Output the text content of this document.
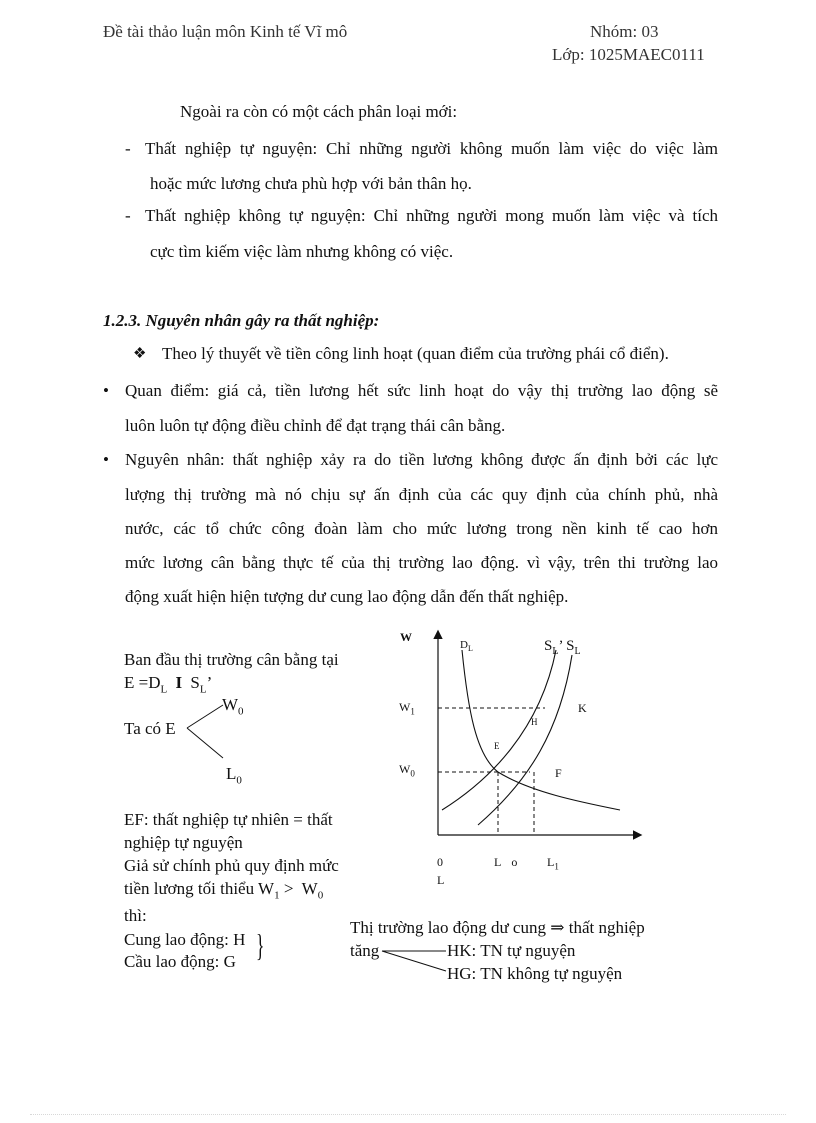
Đề tài thảo luận môn Kinh tế Vĩ mô	Nhóm: 03
Lớp: 1025MAEC0111
Ngoài ra còn có một cách phân loại mới:
- Thất nghiệp tự nguyện: Chỉ những người không muốn làm việc do việc làm
hoặc mức lương chưa phù hợp với bản thân họ.
- Thất nghiệp không tự nguyện: Chỉ những người mong muốn làm việc và tích
cực tìm kiếm việc làm nhưng không có việc.
1.2.3. Nguyên nhân gây ra thất nghiệp:
❖ Theo lý thuyết về tiền công linh hoạt (quan điểm của trường phái cổ điển).
• Quan điểm: giá cả, tiền lương hết sức linh hoạt do vậy thị trường lao động sẽ
luôn luôn tự động điều chỉnh để đạt trạng thái cân bằng.
• Nguyên nhân: thất nghiệp xảy ra do tiền lương không được ấn định bởi các lực
lượng thị trường mà nó chịu sự ấn định của các quy định của chính phủ, nhà
nước, các tổ chức công đoàn làm cho mức lương trong nền kinh tế cao hơn
mức lương cân bằng thực tế của thị trường lao động. vì vậy, trên thi trường lao
động xuất hiện hiện tượng dư cung lao động dẫn đến thất nghiệp.
Ban đầu thị trường cân bằng tại
$E =D_L$ I $S_L$’
Ta có E
$W_0$
$L_0$
EF: thất nghiệp tự nhiên = thất
nghiệp tự nguyện
Giả sử chính phủ quy định mức
tiền lương tối thiểu $W_1 > W_0$
thì:
Cung lao động: H
Cầu lao động: G }	Thị trường lao động dư cung ⇒ thất nghiệp
tăng	HK: TN tự nguyện
HG: TN không tự nguyện
W
$D_L$	$S_L$’ $S_L$
$W_1$
$W_0$
H
K
E
F
0
L
L o $L_1$
